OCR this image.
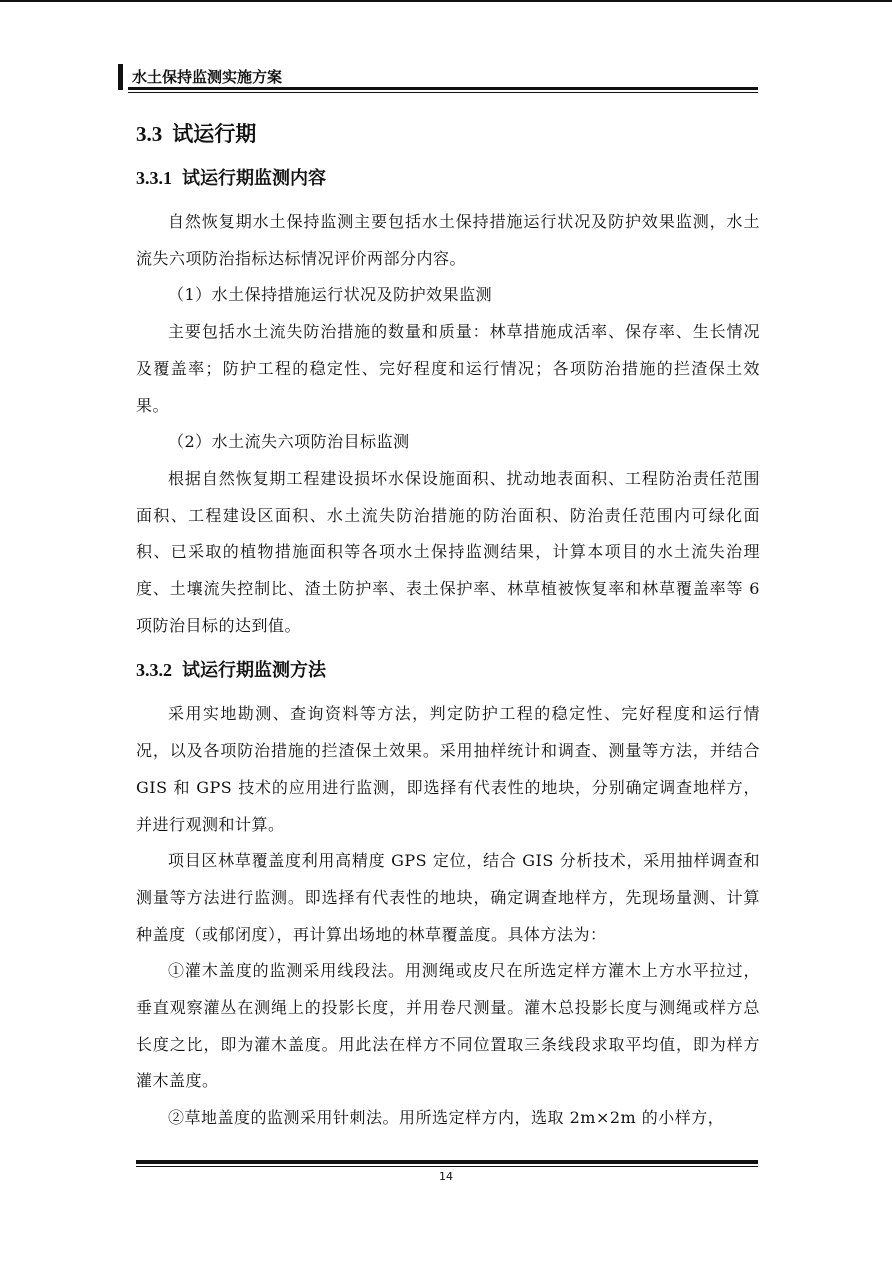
水土保持监测实施方案
3.3 试运行期
3.3.1 试运行期监测内容

自然恢复期水土保持监测主要包括水土保持措施运行状况及防护效果监测，水土流失六项防治指标达标情况评价两部分内容。

（1）水土保持措施运行状况及防护效果监测

主要包括水土流失防治措施的数量和质量：林草措施成活率、保存率、生长情况及覆盖率；防护工程的稳定性、完好程度和运行情况；各项防治措施的拦渣保土效果。

（2）水土流失六项防治目标监测

根据自然恢复期工程建设损坏水保设施面积、扰动地表面积、工程防治责任范围面积、工程建设区面积、水土流失防治措施的防治面积、防治责任范围内可绿化面积、已采取的植物措施面积等各项水土保持监测结果，计算本项目的水土流失治理度、土壤流失控制比、渣土防护率、表土保护率、林草植被恢复率和林草覆盖率等 6 项防治目标的达到值。

3.3.2 试运行期监测方法

采用实地勘测、查询资料等方法，判定防护工程的稳定性、完好程度和运行情况，以及各项防治措施的拦渣保土效果。采用抽样统计和调查、测量等方法，并结合 GIS 和 GPS 技术的应用进行监测，即选择有代表性的地块，分别确定调查地样方，并进行观测和计算。

项目区林草覆盖度利用高精度 GPS 定位，结合 GIS 分析技术，采用抽样调查和测量等方法进行监测。即选择有代表性的地块，确定调查地样方，先现场量测、计算种盖度（或郁闭度），再计算出场地的林草覆盖度。具体方法为：

①灌木盖度的监测采用线段法。用测绳或皮尺在所选定样方灌木上方水平拉过，垂直观察灌丛在测绳上的投影长度，并用卷尺测量。灌木总投影长度与测绳或样方总长度之比，即为灌木盖度。用此法在样方不同位置取三条线段求取平均值，即为样方灌木盖度。

②草地盖度的监测采用针刺法。用所选定样方内，选取 2m×2m 的小样方，

14
